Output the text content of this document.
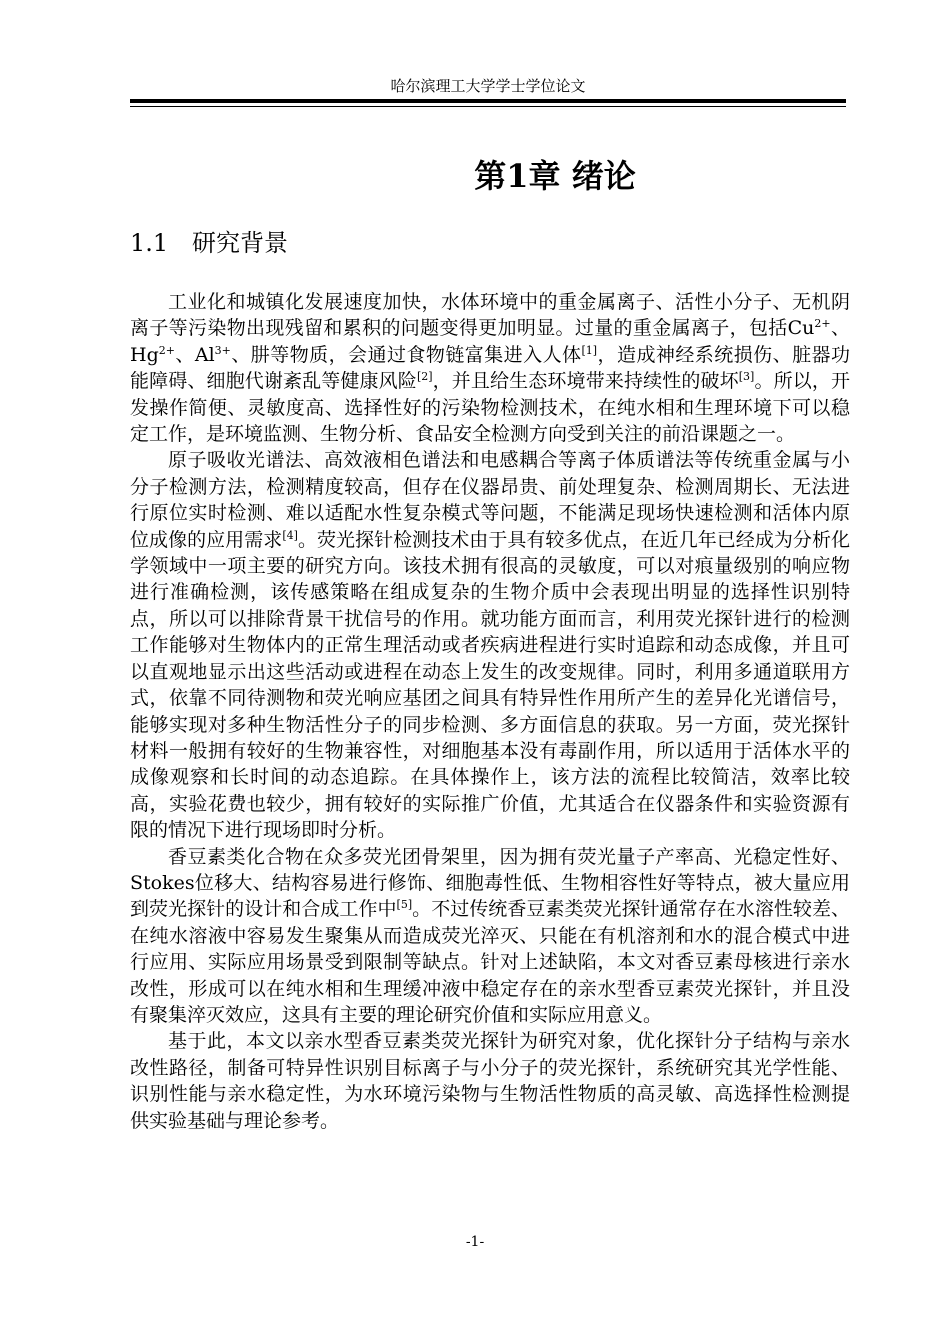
哈尔滨理工大学学士学位论文
第1章 绪论
1.1 研究背景

工业化和城镇化发展速度加快，水体环境中的重金属离子、活性小分子、无机阴离子等污染物出现残留和累积的问题变得更加明显。过量的重金属离子，包括$Cu^{2+}$、$Hg^{2+}$、$Al^{3+}$、肼等物质，会通过食物链富集进入人体[1]，造成神经系统损伤、脏器功能障碍、细胞代谢紊乱等健康风险[2]，并且给生态环境带来持续性的破坏[3]。所以，开发操作简便、灵敏度高、选择性好的污染物检测技术，在纯水相和生理环境下可以稳定工作，是环境监测、生物分析、食品安全检测方向受到关注的前沿课题之一。

原子吸收光谱法、高效液相色谱法和电感耦合等离子体质谱法等传统重金属与小分子检测方法，检测精度较高，但存在仪器昂贵、前处理复杂、检测周期长、无法进行原位实时检测、难以适配水性复杂模式等问题，不能满足现场快速检测和活体内原位成像的应用需求[4]。荧光探针检测技术由于具有较多优点，在近几年已经成为分析化学领域中一项主要的研究方向。该技术拥有很高的灵敏度，可以对痕量级别的响应物进行准确检测，该传感策略在组成复杂的生物介质中会表现出明显的选择性识别特点，所以可以排除背景干扰信号的作用。就功能方面而言，利用荧光探针进行的检测工作能够对生物体内的正常生理活动或者疾病进程进行实时追踪和动态成像，并且可以直观地显示出这些活动或进程在动态上发生的改变规律。同时，利用多通道联用方式，依靠不同待测物和荧光响应基团之间具有特异性作用所产生的差异化光谱信号，能够实现对多种生物活性分子的同步检测、多方面信息的获取。另一方面，荧光探针材料一般拥有较好的生物兼容性，对细胞基本没有毒副作用，所以适用于活体水平的成像观察和长时间的动态追踪。在具体操作上，该方法的流程比较简洁，效率比较高，实验花费也较少，拥有较好的实际推广价值，尤其适合在仪器条件和实验资源有限的情况下进行现场即时分析。

香豆素类化合物在众多荧光团骨架里，因为拥有荧光量子产率高、光稳定性好、Stokes位移大、结构容易进行修饰、细胞毒性低、生物相容性好等特点，被大量应用到荧光探针的设计和合成工作中[5]。不过传统香豆素类荧光探针通常存在水溶性较差、在纯水溶液中容易发生聚集从而造成荧光淬灭、只能在有机溶剂和水的混合模式中进行应用、实际应用场景受到限制等缺点。针对上述缺陷，本文对香豆素母核进行亲水改性，形成可以在纯水相和生理缓冲液中稳定存在的亲水型香豆素荧光探针，并且没有聚集淬灭效应，这具有主要的理论研究价值和实际应用意义。

基于此，本文以亲水型香豆素类荧光探针为研究对象，优化探针分子结构与亲水改性路径，制备可特异性识别目标离子与小分子的荧光探针，系统研究其光学性能、识别性能与亲水稳定性，为水环境污染物与生物活性物质的高灵敏、高选择性检测提供实验基础与理论参考。

-1-
